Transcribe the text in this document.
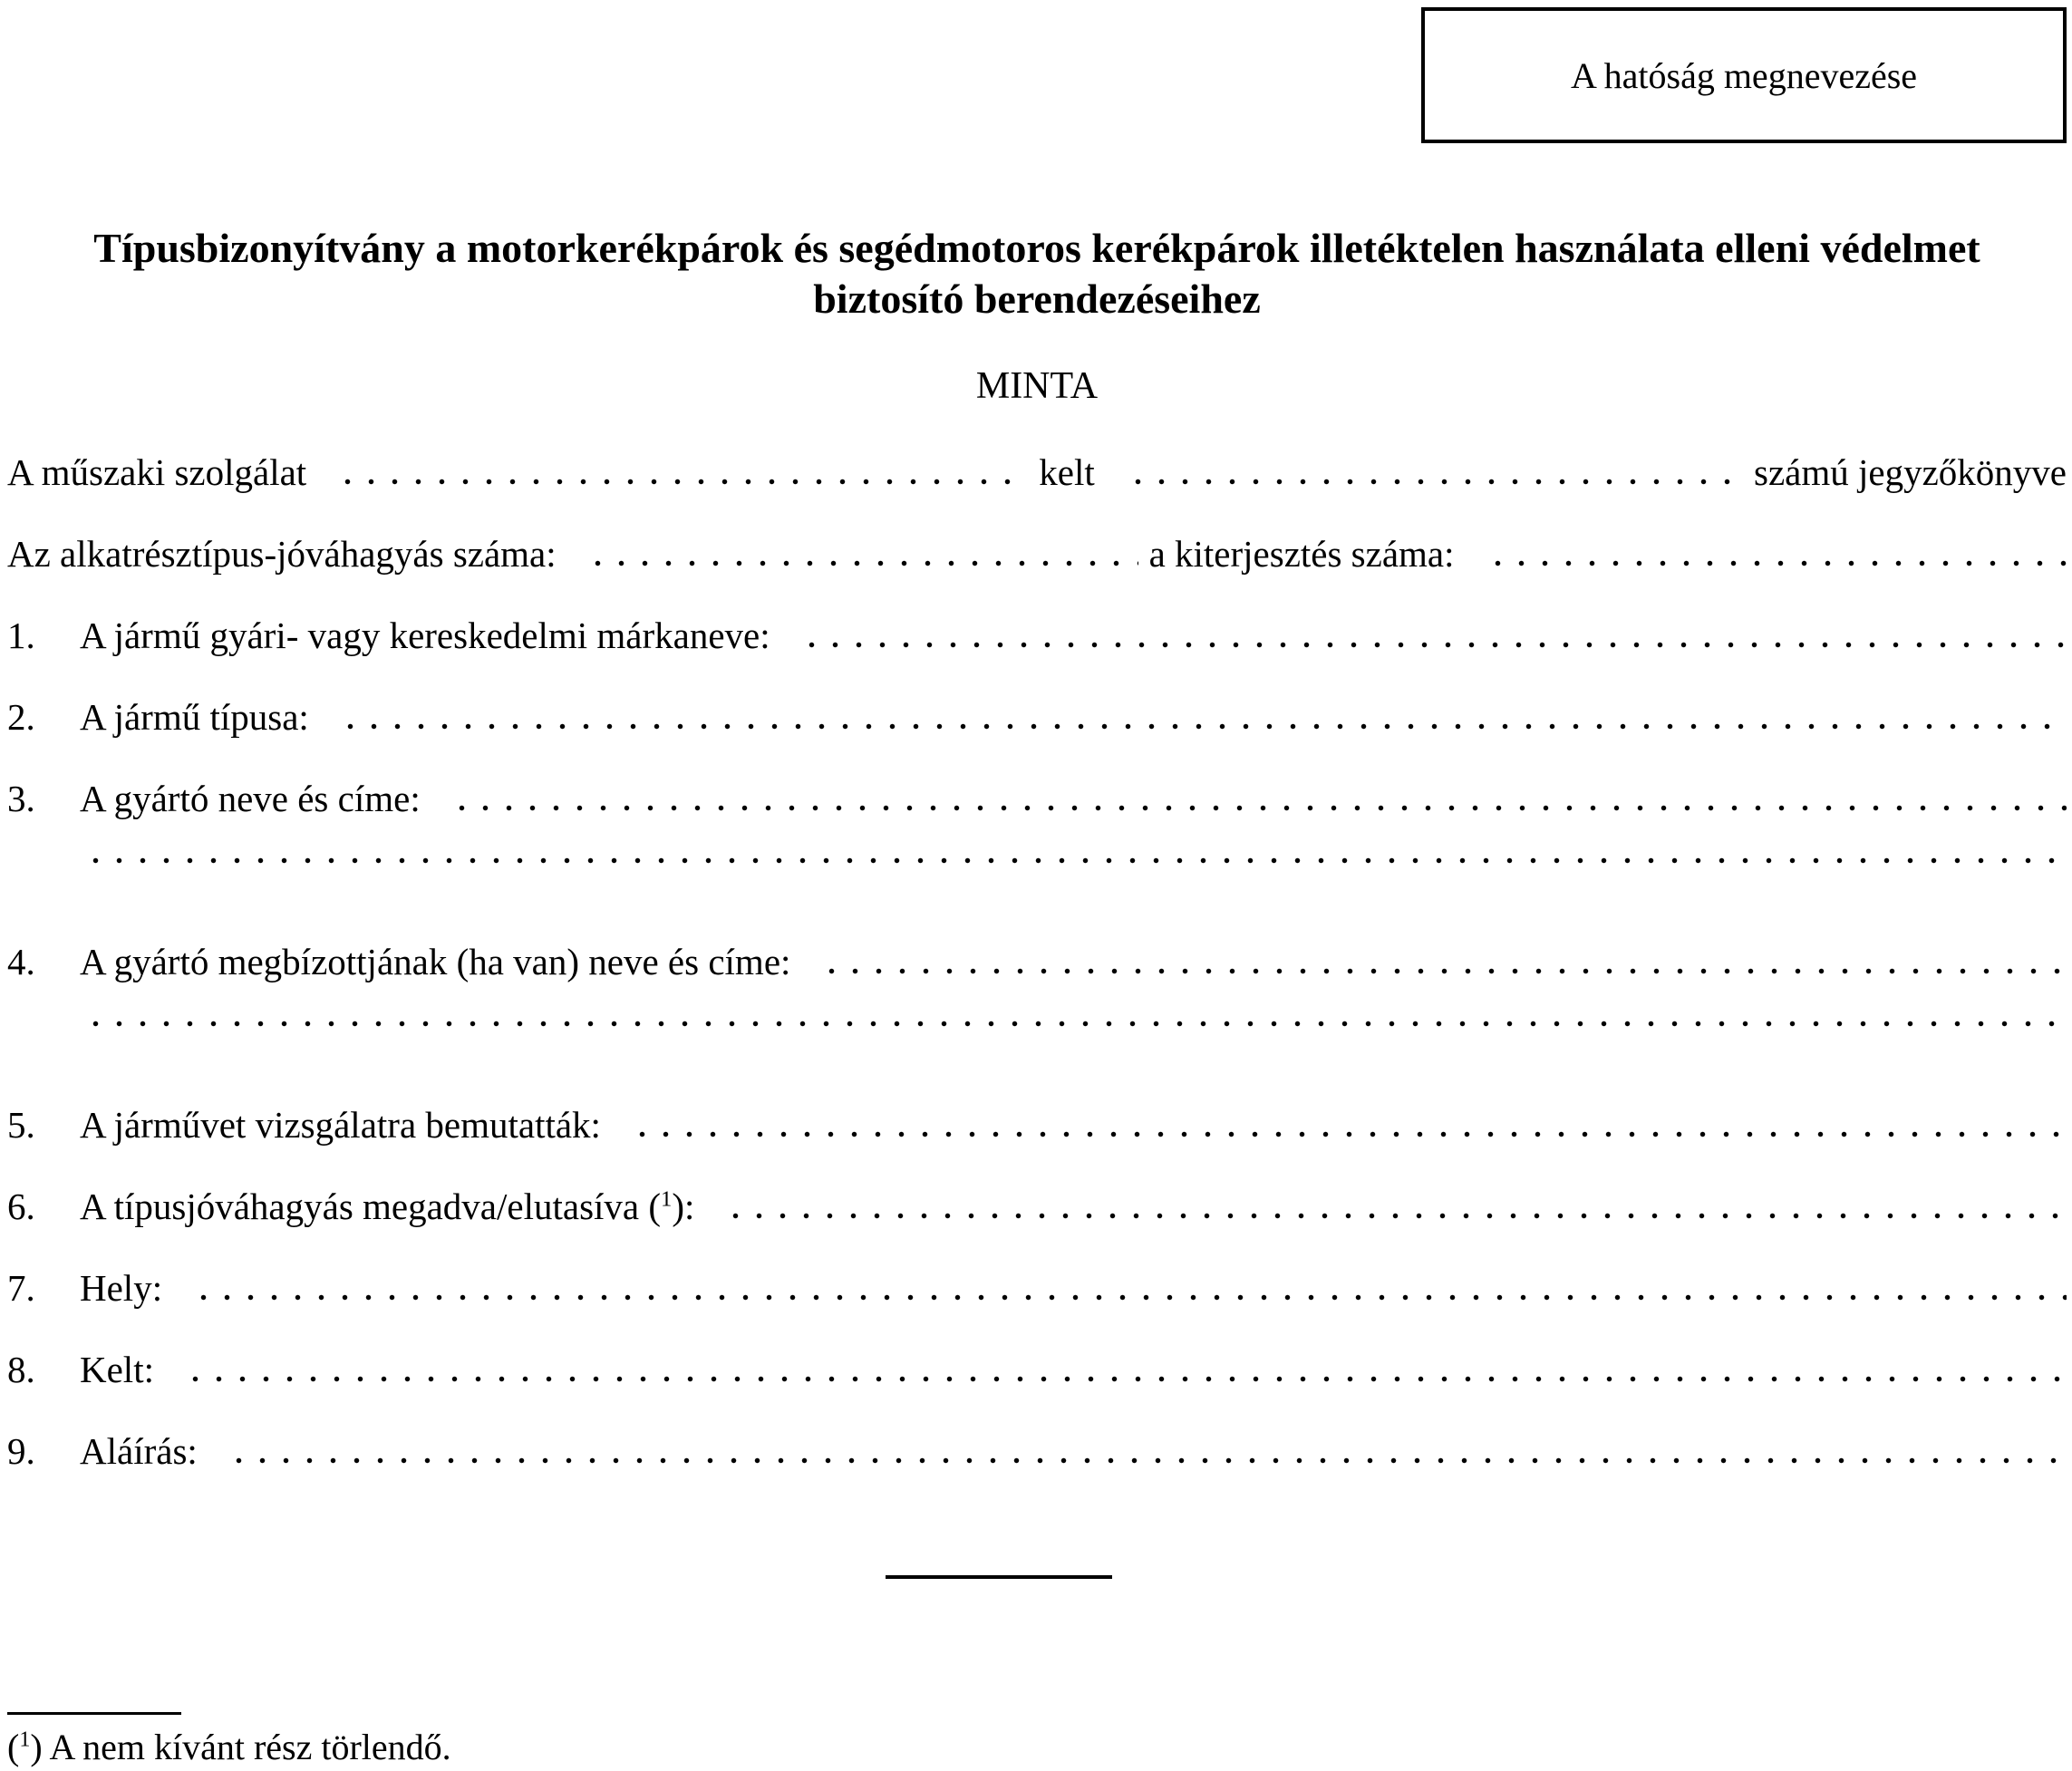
A hatóság megnevezése
Típusbizonyítvány a motorkerékpárok és segédmotoros kerékpárok illetéktelen használata elleni védelmet
biztosító berendezéseihez
MINTA
A műszaki szolgálat	kelt	számú jegyzőkönyve
Az alkatrésztípus-jóváhagyás száma:	a kiterjesztés száma:
1.	A jármű gyári- vagy kereskedelmi márkaneve:
2.	A jármű típusa:
3.	A gyártó neve és címe:
4.	A gyártó megbízottjának (ha van) neve és címe:
5.	A járművet vizsgálatra bemutatták:
6.	A típusjóváhagyás megadva/elutasíva ($^1$):
7.	Hely:
8.	Kelt:
9.	Aláírás:
($^1$) A nem kívánt rész törlendő.
